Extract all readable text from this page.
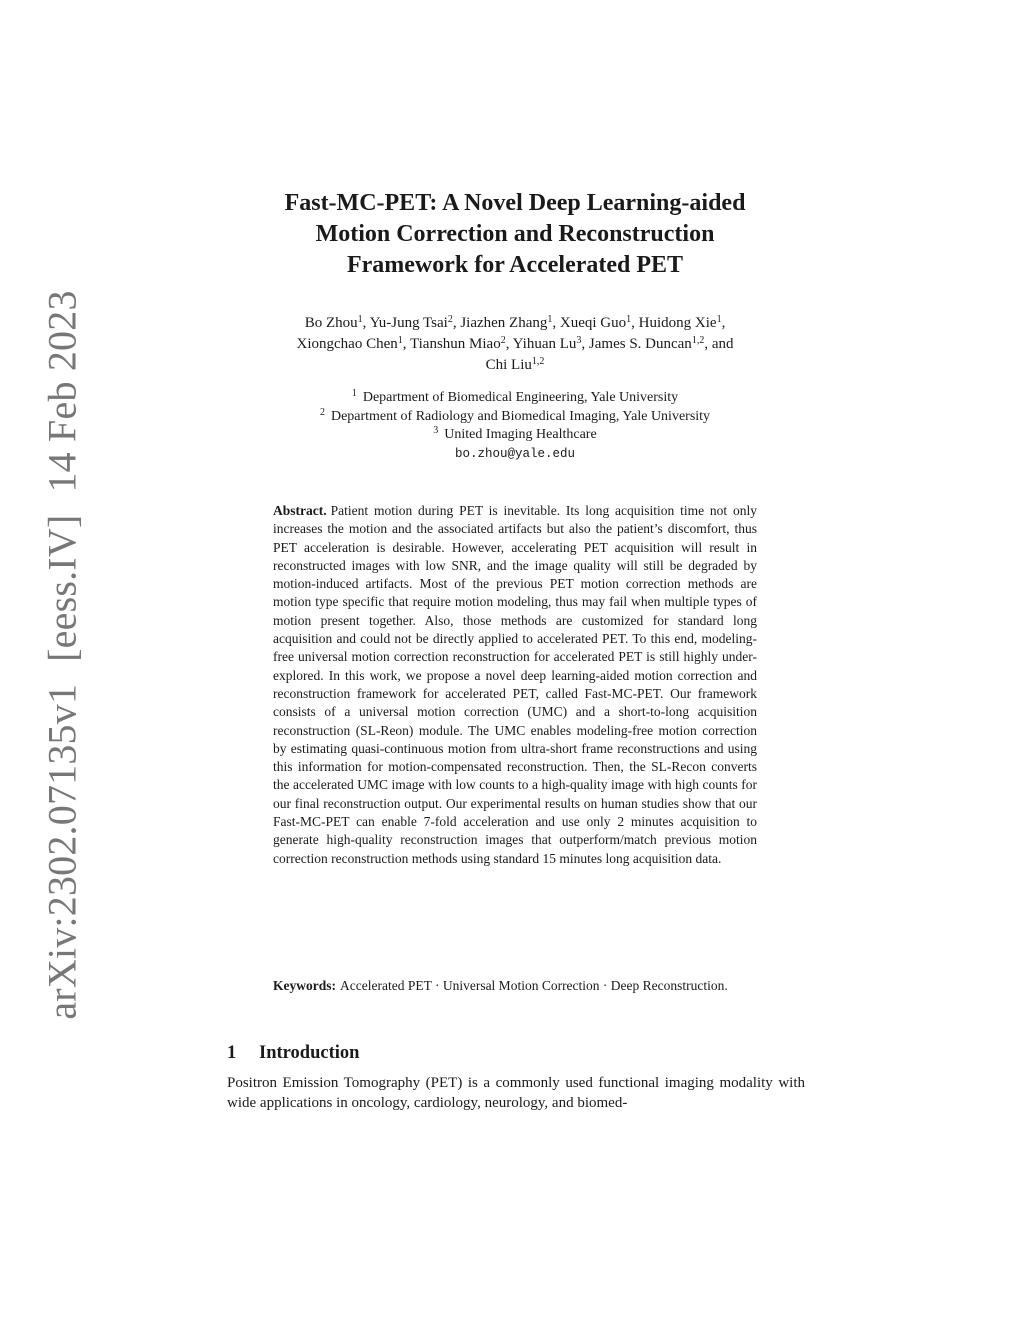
arXiv:2302.07135v1[eess.IV]14 Feb 2023
Fast-MC-PET: A Novel Deep Learning-aided
Motion Correction and Reconstruction
Framework for Accelerated PET
Bo Zhou$^1$, Yu-Jung Tsai$^2$, Jiazhen Zhang$^1$, Xueqi Guo$^1$, Huidong Xie$^1$,
Xiongchao Chen$^1$, Tianshun Miao$^2$, Yihuan Lu$^3$, James S. Duncan$^{1,2}$, and
Chi Liu$^{1,2}$
$^1$ Department of Biomedical Engineering, Yale University
$^2$ Department of Radiology and Biomedical Imaging, Yale University
$^3$ United Imaging Healthcare
bo.zhou@yale.edu
Abstract. Patient motion during PET is inevitable. Its long acquisition time not only increases the motion and the associated artifacts but also the patient’s discomfort, thus PET acceleration is desirable. However, accelerating PET acquisition will result in reconstructed images with low SNR, and the image quality will still be degraded by motion-induced artifacts. Most of the previous PET motion correction methods are motion type specific that require motion modeling, thus may fail when multiple types of motion present together. Also, those methods are customized for standard long acquisition and could not be directly applied to accelerated PET. To this end, modeling-free universal motion correction reconstruction for accelerated PET is still highly under-explored. In this work, we propose a novel deep learning-aided motion correction and reconstruction framework for accelerated PET, called Fast-MC-PET. Our framework consists of a universal motion correction (UMC) and a short-to-long acquisition reconstruction (SL-Reon) module. The UMC enables modeling-free motion correction by estimating quasi-continuous motion from ultra-short frame reconstructions and using this information for motion-compensated reconstruction. Then, the SL-Recon converts the accelerated UMC image with low counts to a high-quality image with high counts for our final reconstruction output. Our experimental results on human studies show that our Fast-MC-PET can enable 7-fold acceleration and use only 2 minutes acquisition to generate high-quality reconstruction images that outperform/match previous motion correction reconstruction methods using standard 15 minutes long acquisition data.
Keywords: Accelerated PET · Universal Motion Correction · Deep Reconstruction.
1 Introduction
Positron Emission Tomography (PET) is a commonly used functional imaging modality with wide applications in oncology, cardiology, neurology, and biomed-
